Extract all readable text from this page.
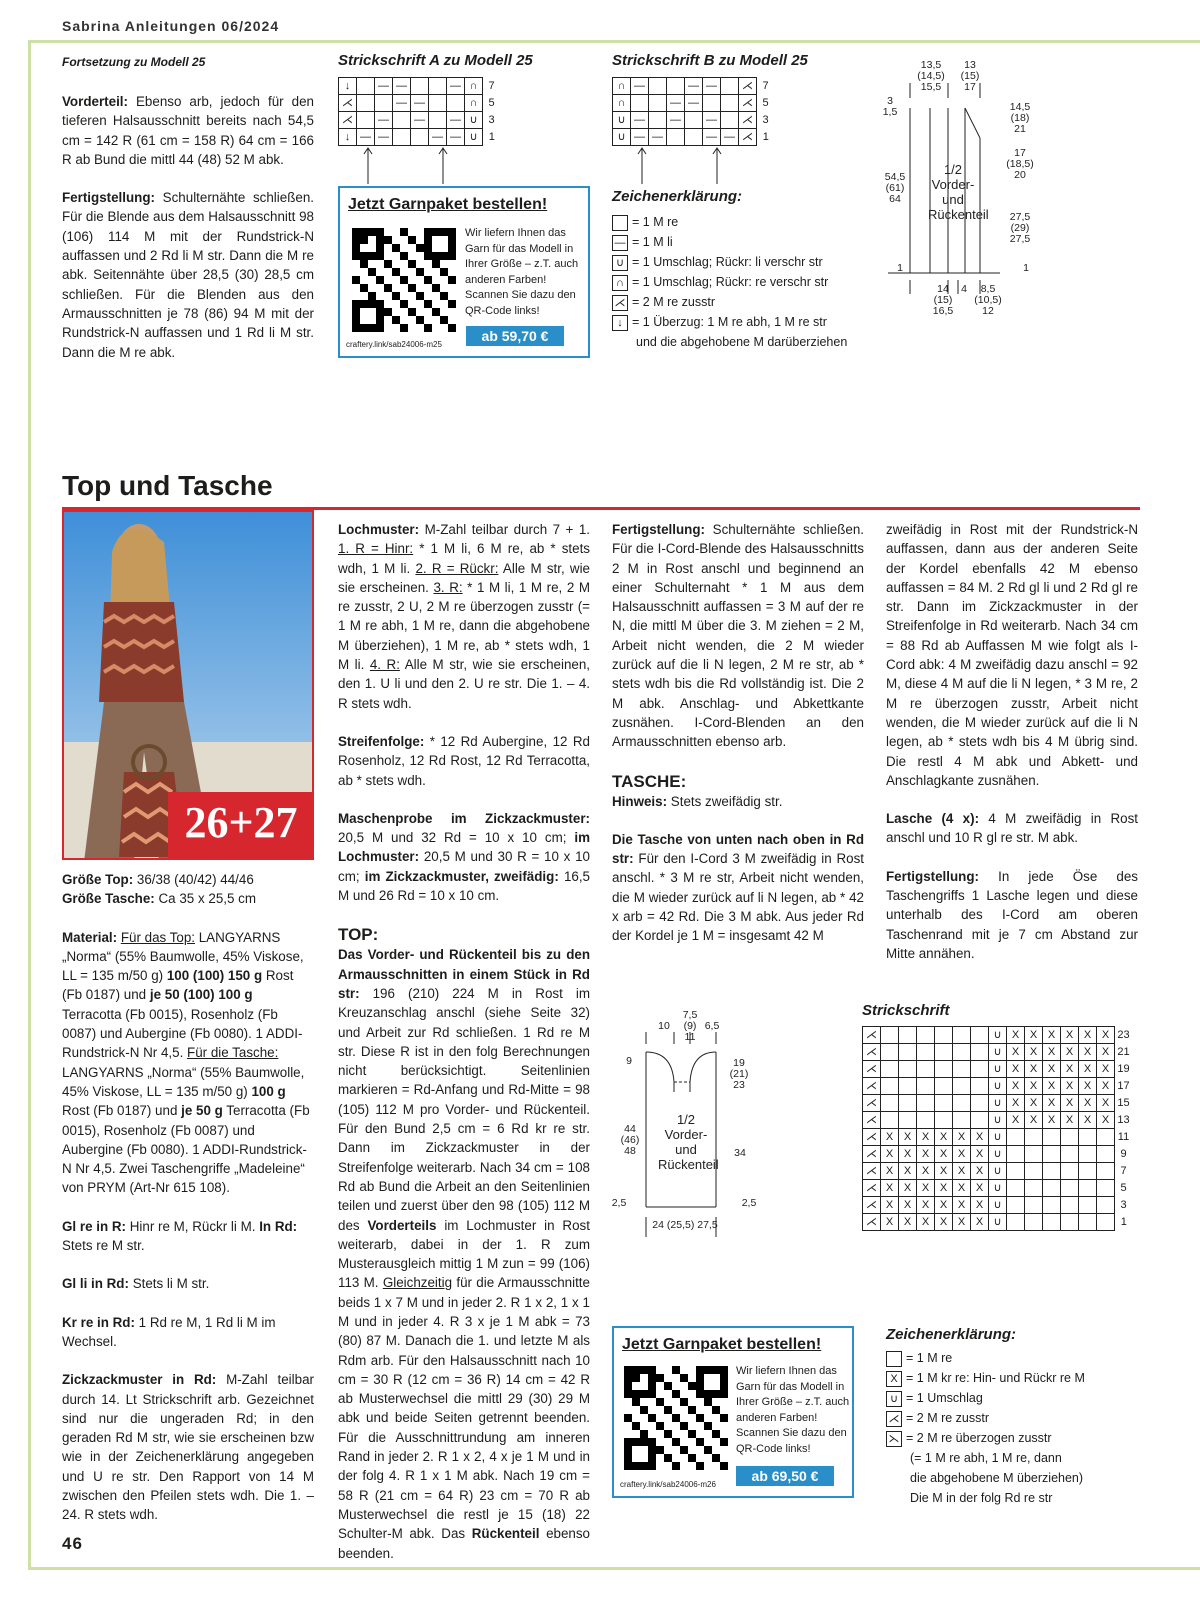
Sabrina Anleitungen 06/2024
46
Fortsetzung zu Modell 25

Vorderteil: Ebenso arb, jedoch für den tieferen Halsausschnitt bereits nach 54,5 cm = 142 R (61 cm = 158 R) 64 cm = 166 R ab Bund die mittl 44 (48) 52 M abk.

Fertigstellung: Schulternähte schließen. Für die Blende aus dem Halsausschnitt 98 (106) 114 M mit der Rundstrick-N auffassen und 2 Rd li M str. Dann die M re abk. Seitennähte über 28,5 (30) 28,5 cm schließen. Für die Blenden aus den Armausschnitten je 78 (86) 94 M mit der Rundstrick-N auffassen und 1 Rd li M str. Dann die M re abk.

Strickschrift A zu Modell 25
↓		—	—			—	∩	7
⋌			—	—			∩	5
⋌		—		—		—	∪	3
↓	—	—			—	—	∪	1
Jetzt Garnpaket bestellen!
Wir liefern Ihnen das Garn für das Modell in Ihrer Größe – z.T. auch anderen Farben! Scannen Sie dazu den QR-Code links!
craftery.link/sab24006-m25
ab 59,70 €
Strickschrift B zu Modell 25
∩	—			—	—		⋌	7
∩			—	—			⋌	5
∪	—		—		—		⋌	3
∪	—	—			—	—	⋌	1
Zeichenerklärung:
= 1 M re
— = 1 M li
∪ = 1 Umschlag; Rückr: li verschr str
∩ = 1 Umschlag; Rückr: re verschr str
⋌ = 2 M re zusstr
↓ = 1 Überzug: 1 M re abh, 1 M re str
und die abgehobene M darüberziehen
13,5
(14,5)
15,5
13
(15)
17
3
1,5	14,5
(18)
21
17
(18,5)
20
54,5
(61)
64
27,5
(29)
27,5
1	1
1/2 Vorder- und Rückenteil
14
(15)
16,5
4	8,5
(10,5)
12
Top und Tasche
26+27
Größe Top: 36/38 (40/42) 44/46
Größe Tasche: Ca 35 x 25,5 cm

Material: Für das Top: LANGYARNS „Norma“ (55% Baumwolle, 45% Viskose, LL = 135 m/50 g) 100 (100) 150 g Rost (Fb 0187) und je 50 (100) 100 g Terracotta (Fb 0015), Rosenholz (Fb 0087) und Aubergine (Fb 0080). 1 ADDI-Rundstrick-N Nr 4,5. Für die Tasche: LANGYARNS „Norma“ (55% Baumwolle, 45% Viskose, LL = 135 m/50 g) 100 g Rost (Fb 0187) und je 50 g Terracotta (Fb 0015), Rosenholz (Fb 0087) und Aubergine (Fb 0080). 1 ADDI-Rundstrick-N Nr 4,5. Zwei Taschengriffe „Madeleine“ von PRYM (Art-Nr 615 108).

Gl re in R: Hinr re M, Rückr li M. In Rd: Stets re M str.

Gl li in Rd: Stets li M str.

Kr re in Rd: 1 Rd re M, 1 Rd li M im Wechsel.

Zickzackmuster in Rd: M-Zahl teilbar durch 14. Lt Strickschrift arb. Gezeichnet sind nur die ungeraden Rd; in den geraden Rd M str, wie sie erscheinen bzw wie in der Zeichenerklärung angegeben und U re str. Den Rapport von 14 M zwischen den Pfeilen stets wdh. Die 1. – 24. R stets wdh.

Lochmuster: M-Zahl teilbar durch 7 + 1. 1. R = Hinr: * 1 M li, 6 M re, ab * stets wdh, 1 M li. 2. R = Rückr: Alle M str, wie sie erscheinen. 3. R: * 1 M li, 1 M re, 2 M re zusstr, 2 U, 2 M re überzogen zusstr (= 1 M re abh, 1 M re, dann die abgehobene M überziehen), 1 M re, ab * stets wdh, 1 M li. 4. R: Alle M str, wie sie erscheinen, den 1. U li und den 2. U re str. Die 1. – 4. R stets wdh.

Streifenfolge: * 12 Rd Aubergine, 12 Rd Rosenholz, 12 Rd Rost, 12 Rd Terracotta, ab * stets wdh.

Maschenprobe im Zickzackmuster: 20,5 M und 32 Rd = 10 x 10 cm; im Lochmuster: 20,5 M und 30 R = 10 x 10 cm; im Zickzackmuster, zweifädig: 16,5 M und 26 Rd = 10 x 10 cm.

TOP:
Das Vorder- und Rückenteil bis zu den Armausschnitten in einem Stück in Rd str: 196 (210) 224 M in Rost im Kreuzanschlag anschl (siehe Seite 32) und Arbeit zur Rd schließen. 1 Rd re M str. Diese R ist in den folg Berechnungen nicht berücksichtigt. Seitenlinien markieren = Rd-Anfang und Rd-Mitte = 98 (105) 112 M pro Vorder- und Rückenteil. Für den Bund 2,5 cm = 6 Rd kr re str. Dann im Zickzackmuster in der Streifenfolge weiterarb. Nach 34 cm = 108 Rd ab Bund die Arbeit an den Seitenlinien teilen und zuerst über den 98 (105) 112 M des Vorderteils im Lochmuster in Rost weiterarb, dabei in der 1. R zum Musterausgleich mittig 1 M zun = 99 (106) 113 M. Gleichzeitig für die Armausschnitte beids 1 x 7 M und in jeder 2. R 1 x 2, 1 x 1 M und in jeder 4. R 3 x je 1 M abk = 73 (80) 87 M. Danach die 1. und letzte M als Rdm arb. Für den Halsausschnitt nach 10 cm = 30 R (12 cm = 36 R) 14 cm = 42 R ab Musterwechsel die mittl 29 (30) 29 M abk und beide Seiten getrennt beenden. Für die Ausschnittrundung am inneren Rand in jeder 2. R 1 x 2, 4 x je 1 M und in der folg 4. R 1 x 1 M abk. Nach 19 cm = 58 R (21 cm = 64 R) 23 cm = 70 R ab Musterwechsel die restl je 15 (18) 22 Schulter-M abk. Das Rückenteil ebenso beenden.

Fertigstellung: Schulternähte schließen. Für die I-Cord-Blende des Halsausschnitts 2 M in Rost anschl und beginnend an einer Schulternaht * 1 M aus dem Halsausschnitt auffassen = 3 M auf der re N, die mittl M über die 3. M ziehen = 2 M, Arbeit nicht wenden, die 2 M wieder zurück auf die li N legen, 2 M re str, ab * stets wdh bis die Rd vollständig ist. Die 2 M abk. Anschlag- und Abkettkante zusnähen. I-Cord-Blenden an den Armausschnitten ebenso arb.

TASCHE:

Hinweis: Stets zweifädig str.

Die Tasche von unten nach oben in Rd str: Für den I-Cord 3 M zweifädig in Rost anschl. * 3 M re str, Arbeit nicht wenden, die M wieder zurück auf li N legen, ab * 42 x arb = 42 Rd. Die 3 M abk. Aus jeder Rd der Kordel je 1 M = insgesamt 42 M

zweifädig in Rost mit der Rundstrick-N auffassen, dann aus der anderen Seite der Kordel ebenfalls 42 M ebenso auffassen = 84 M. 2 Rd gl li und 2 Rd gl re str. Dann im Zickzackmuster in der Streifenfolge in Rd weiterarb. Nach 34 cm = 88 Rd ab Auffassen M wie folgt als I-Cord abk: 4 M zweifädig dazu anschl = 92 M, diese 4 M auf die li N legen, * 3 M re, 2 M re überzogen zusstr, Arbeit nicht wenden, die M wieder zurück auf die li N legen, ab * stets wdh bis 4 M übrig sind. Die restl 4 M abk und Abkett- und Anschlagkante zusnähen.

Lasche (4 x): 4 M zweifädig in Rost anschl und 10 R gl re str. M abk.

Fertigstellung: In jede Öse des Taschengriffs 1 Lasche legen und diese unterhalb des I-Cord am oberen Taschenrand mit je 7 cm Abstand zur Mitte annähen.

10
7,5
(9)
11
6,5
9	19
(21)
23
44
(46)
48	34
1/2
Vorder-
und
Rückenteil
2,5	2,5
24 (25,5) 27,5
Jetzt Garnpaket bestellen!
Wir liefern Ihnen das Garn für das Modell in Ihrer Größe – z.T. auch anderen Farben! Scannen Sie dazu den QR-Code links!
craftery.link/sab24006-m26
ab 69,50 €
Strickschrift
⋌							∪	X	X	X	X	X	X	23
⋌							∪	X	X	X	X	X	X	21
⋌							∪	X	X	X	X	X	X	19
⋌							∪	X	X	X	X	X	X	17
⋌							∪	X	X	X	X	X	X	15
⋌							∪	X	X	X	X	X	X	13
⋌	X	X	X	X	X	X	∪							11
⋌	X	X	X	X	X	X	∪							9
⋌	X	X	X	X	X	X	∪							7
⋌	X	X	X	X	X	X	∪							5
⋌	X	X	X	X	X	X	∪							3
⋌	X	X	X	X	X	X	∪							1
Zeichenerklärung:
= 1 M re
X = 1 M kr re: Hin- und Rückr re M
∪ = 1 Umschlag
⋌ = 2 M re zusstr
⋋ = 2 M re überzogen zusstr
(= 1 M re abh, 1 M re, dann
die abgehobene M überziehen)
Die M in der folg Rd re str
